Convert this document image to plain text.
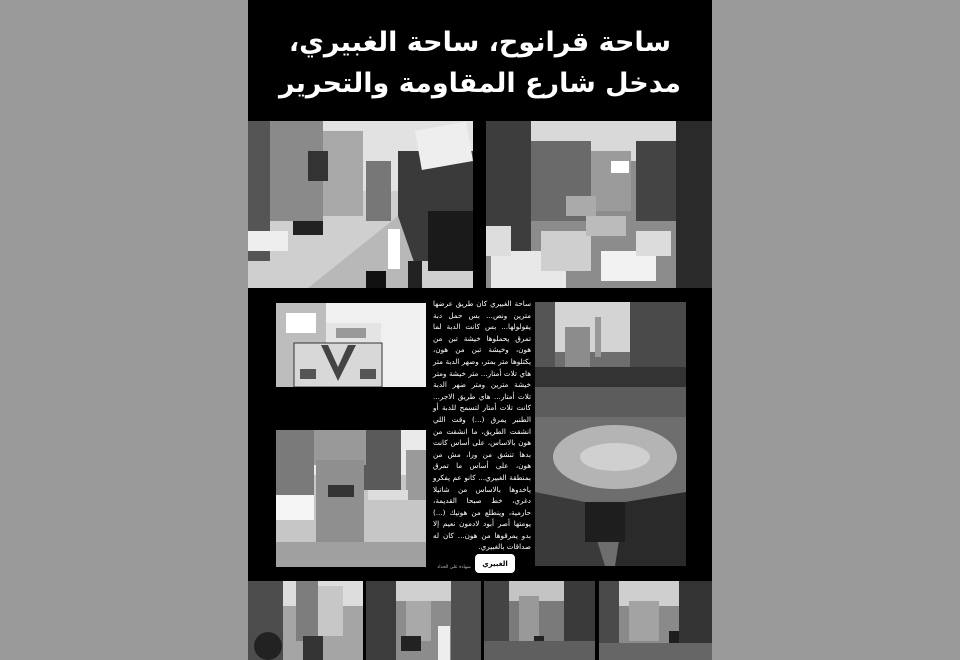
ساحة قرانوح، ساحة الغبيري،
مدخل شارع المقاومة والتحرير
ساحة الغبيري كان طريق عرضها مترين ونص... بس حمل دبة يقولولها... بس كانت الدبة لما تمرق يحملوها خيشة تبن من هون، وخيشة تبن من هون، يكتلوها متر بمتر، وصهر الدبة متر هاي تلات أمتار... متر خيشة ومتر خيشة مترين ومتر ضهر الدبة تلات أمتار... هاي طريق الاجر... كانت تلات أمتار لتسمح للدبة أو الطنبر يمرق (...) وقت اللي انشقت الطريق، ما انشقت من هون بالاساس، على أساس كانت بدها تنشق من ورا، مش من هون، على أساس ما تمرق بمنطقة الغبيري... كانو عم يفكرو ياخدوها بالاساس من شاتيلا دغري، خط صبحا القديمة، حارمية، وينطلع من هونيك (...) يومتها أصر أبود لادمون نعيم إلا بدو يمرقوها من هون... كان له صداقات بالغبيري.
الغبيري
شهادة علي الحداد
